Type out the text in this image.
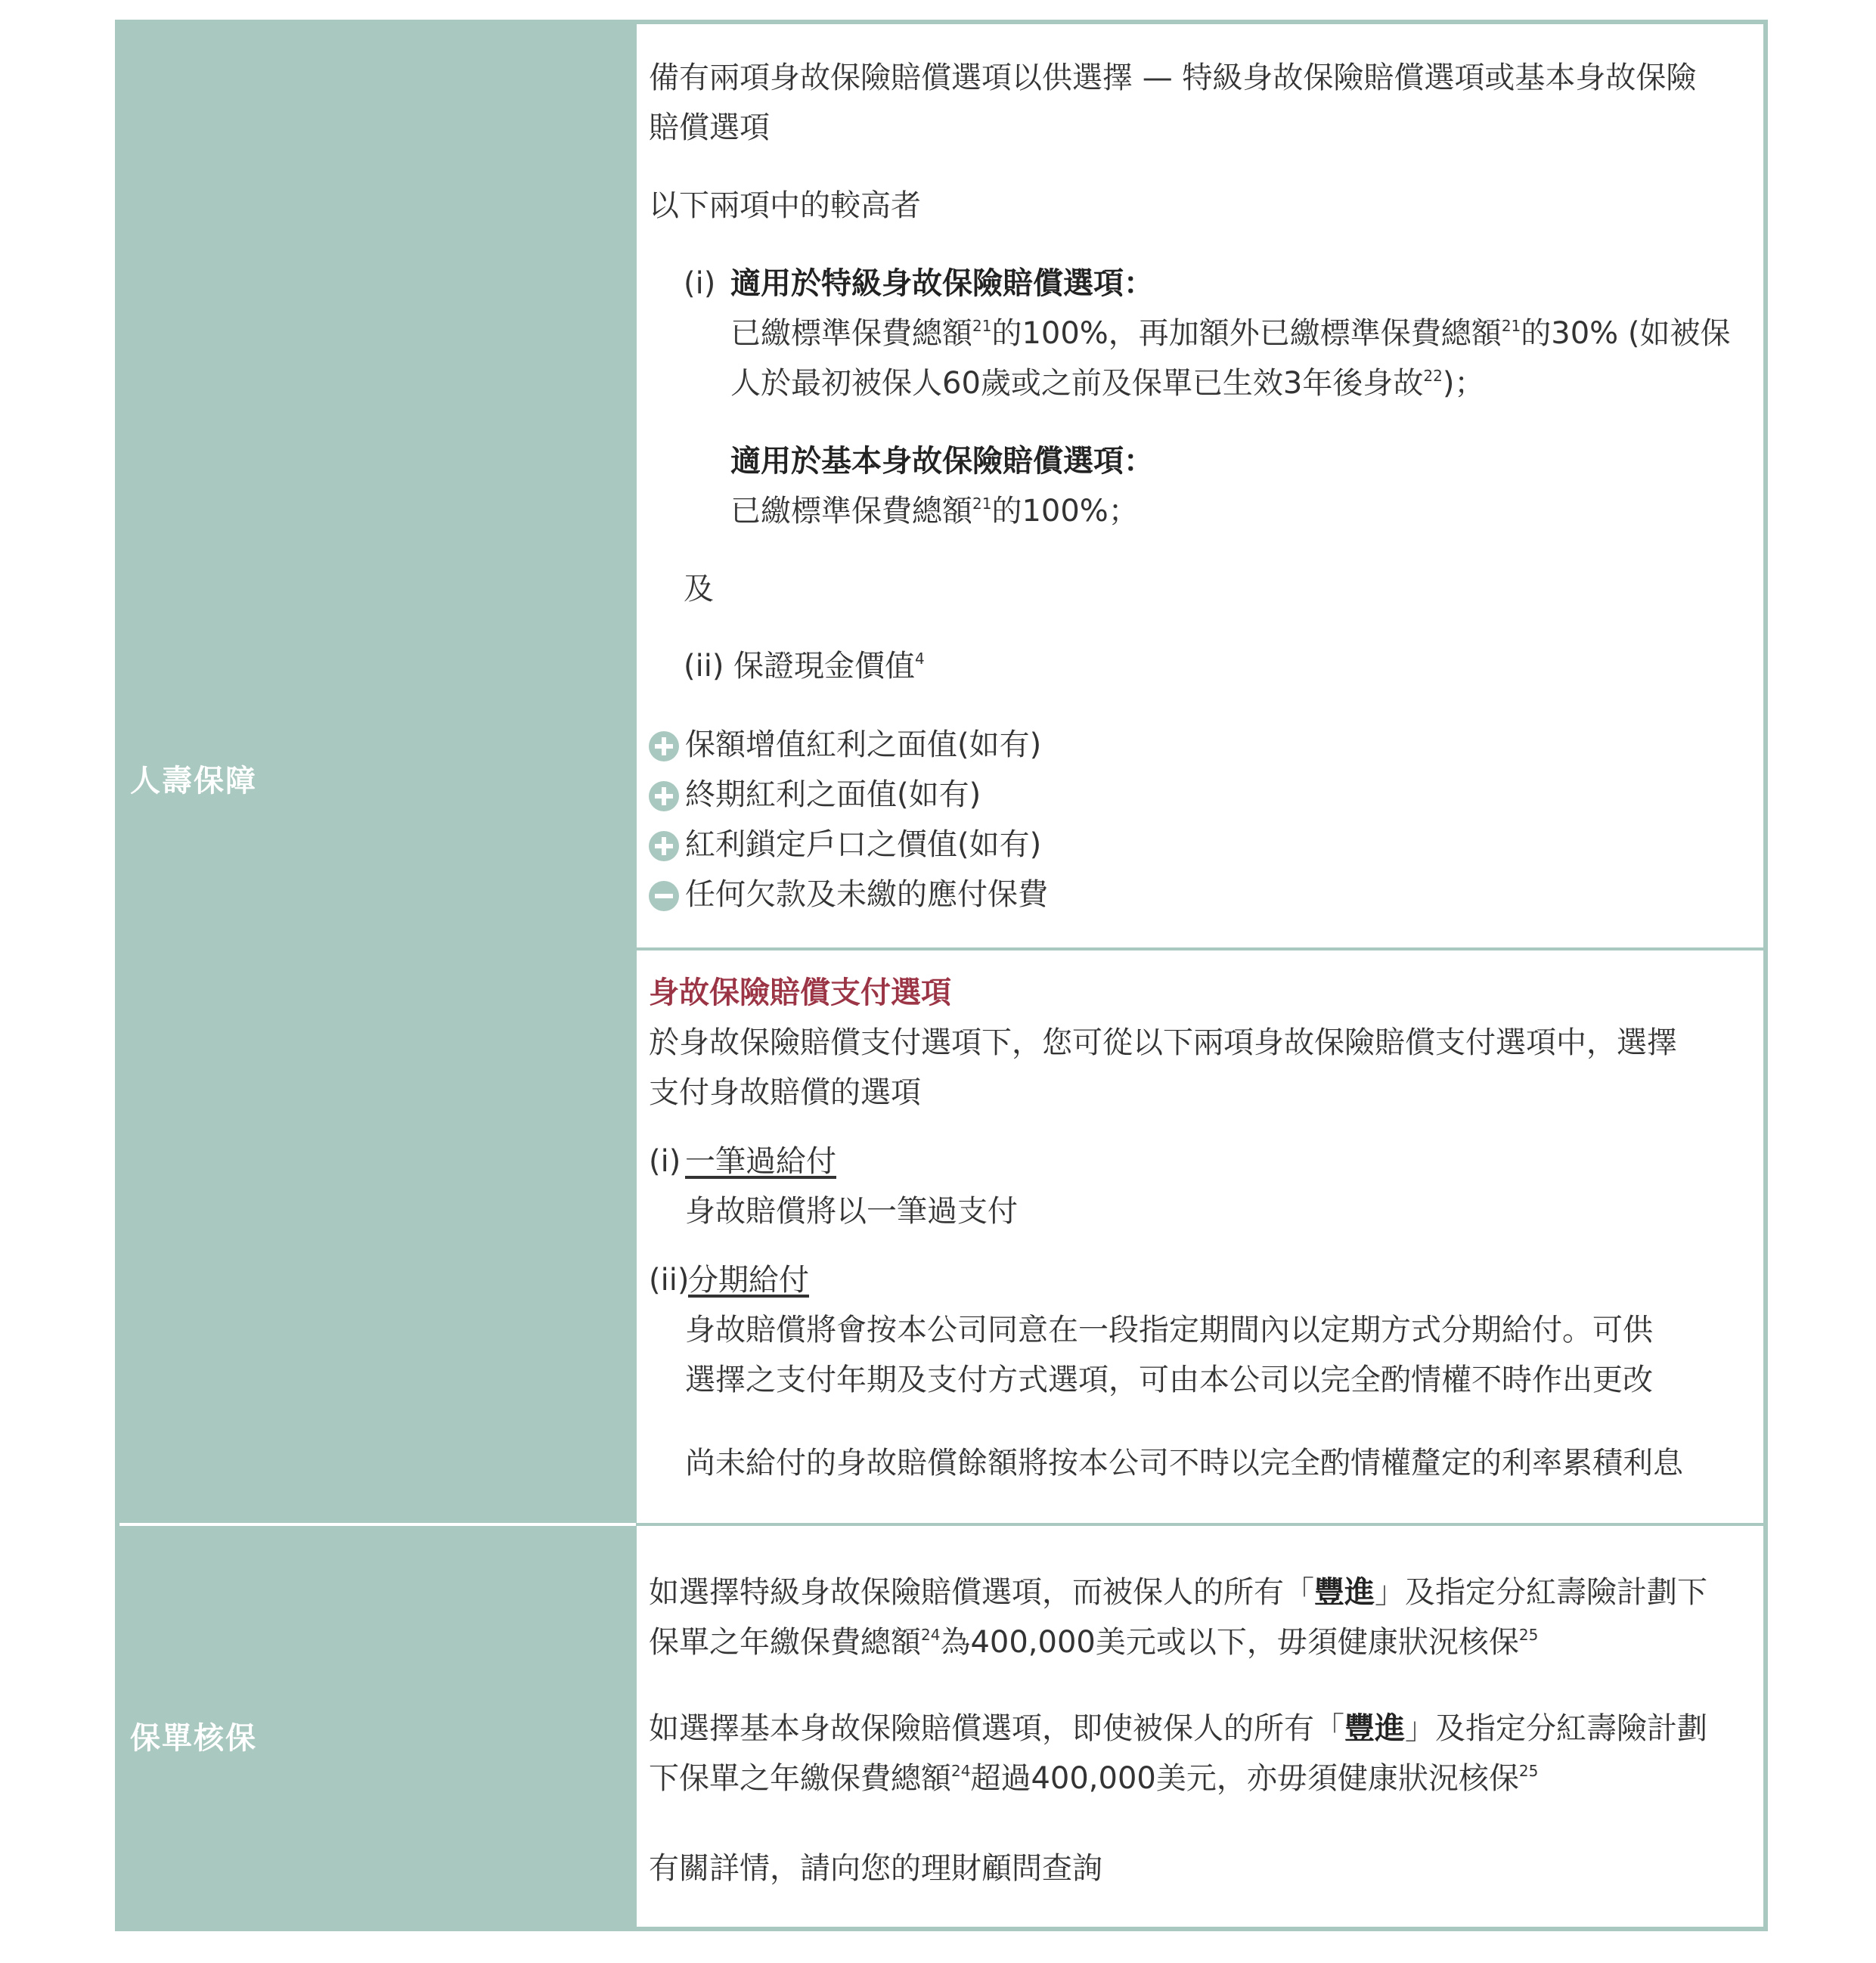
人壽保障
保單核保
備有兩項身故保險賠償選項以供選擇 — 特級身故保險賠償選項或基本身故保險
賠償選項
以下兩項中的較高者
(i) 適用於特級身故保險賠償選項：
已繳標準保費總額$^{21}$的100%，再加額外已繳標準保費總額$^{21}$的30% (如被保
人於最初被保人60歲或之前及保單已生效3年後身故$^{22}$)；
適用於基本身故保險賠償選項：
已繳標準保費總額$^{21}$的100%；
及
(ii) 保證現金價值$^4$
保額增值紅利之面值(如有)
終期紅利之面值(如有)
紅利鎖定戶口之價值(如有)
任何欠款及未繳的應付保費
身故保險賠償支付選項
於身故保險賠償支付選項下，您可從以下兩項身故保險賠償支付選項中，選擇
支付身故賠償的選項
(i) 一筆過給付
身故賠償將以一筆過支付
(ii)
分期給付
身故賠償將會按本公司同意在一段指定期間內以定期方式分期給付。可供
選擇之支付年期及支付方式選項，可由本公司以完全酌情權不時作出更改
尚未給付的身故賠償餘額將按本公司不時以完全酌情權釐定的利率累積利息
如選擇特級身故保險賠償選項，而被保人的所有「豐進」及指定分紅壽險計劃下
保單之年繳保費總額$^{24}$為400,000美元或以下，毋須健康狀況核保$^{25}$
如選擇基本身故保險賠償選項，即使被保人的所有「豐進」及指定分紅壽險計劃
下保單之年繳保費總額$^{24}$超過400,000美元，亦毋須健康狀況核保$^{25}$
有關詳情，請向您的理財顧問查詢
